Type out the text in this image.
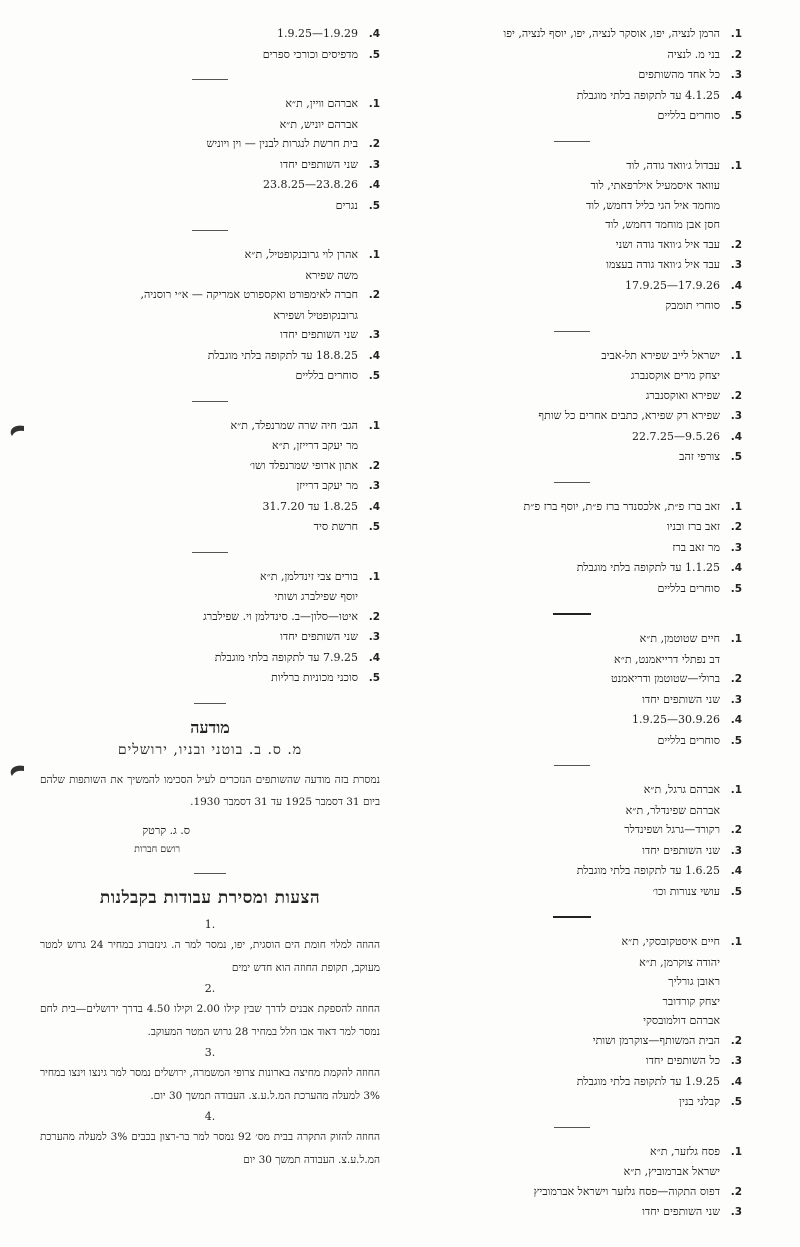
.1
הרמן לנציה, יפו, אוסקר לנציה, יפו, יוסף לנציה, יפו
.2
בני מ. לנציה
.3
כל אחד מהשותפים
.4
4.1.25 עד לתקופה בלתי מוגבלת
.5
סוחרים בלליים
.1
עבדול ג׳וואד גודה, לוד
עוואד איסמעיל אילרפאתי, לוד
מוחמד איל הגי כליל דחמש, לוד
חסן אבן מוחמד דחמש, לוד
.2
עבד איל ג׳וואד גודה ושני
.3
עבד איל ג׳וואד גודה בעצמו
.4
17.9.26—17.9.25
.5
סוחרי תומבק
.1
ישראל לייב שפירא תל-אביב
יצחק מרים אוקסנברג
.2
שפירא ואוקסנברג
.3
שפירא רק שפירא, כתבים אחרים כל שותף
.4
9.5.26—22.7.25
.5
צורפי זהב
.1
זאב ברז פ״ת, אלכסנדר ברז פ״ת, יוסף ברז פ״ת
.2
זאב ברז ובניו
.3
מר זאב ברז
.4
1.1.25 עד לתקופה בלתי מוגבלת
.5
סוחרים בלליים
.1
חיים שטוטמן, ת״א
דב נפתלי דרייאמנט, ת״א
.2
ברולי—שטוטמן ודריאמנט
.3
שני השותפים יחדו
.4
30.9.26—1.9.25
.5
סוחרים בלליים
.1
אברהם גרגל, ת״א
אברהם שפינדלר, ת״א
.2
רקורד—גרגל ושפינדלר
.3
שני השותפים יחדו
.4
1.6.25 עד לתקופה בלתי מוגבלת
.5
עושי צנורות וכו׳
.1
חיים איסטקובסקי, ת״א
יהודה צוקרמן, ת״א
ראובן גורליך
יצחק קורדובר
אברהם דולמובסקי
.2
הבית המשותף—צוקרמן ושותי
.3
כל השותפים יחדו
.4
1.9.25 עד לתקופה בלתי מוגבלת
.5
קבלני בנין
.1
פסח גלזער, ת״א
ישראל אברמוביץ, ת״א
.2
דפוס התקוה—פסח גלזער וישראל אברמוביץ
.3
שני השותפים יחדו
.4
1.9.29—1.9.25
.5
מדפיסים וכורכי ספרים
.1
אברהם וויין, ת״א
אברהם יוניש, ת״א
.2
בית חרשת לנגרות לבנין — וין ויוניש
.3
שני השותפים יחדו
.4
23.8.26—23.8.25
.5
נגרים
.1
אהרן לוי גרובנקופטיל, ת״א
משה שפירא
.2
חברה לאימפורט ואקספורט אמריקה — א״י רוסניה,
גרובנקופטיל ושפירא
.3
שני השותפים יחדו
.4
18.8.25 עד לתקופה בלתי מוגבלת
.5
סוחרים בלליים
.1
הגב׳ חיה שרה שמרנפלד, ת״א
מר יעקב דרייזן, ת״א
.2
אתון ארופי שמרנפלד ושו׳
.3
מר יעקב דרייזן
.4
1.8.25 עד 31.7.20
.5
חרשת סיד
.1
בורים צבי זינדלמן, ת״א
יוסף שפילברג ושותי
.2
איטו—סלון—ב. סינדלמן וי. שפילברג
.3
שני השותפים יחדו
.4
7.9.25 עד לתקופה בלתי מוגבלת
.5
סוכני מכוניות ברליות
מודעה
מ. ס. ב. בוטני ובניו, ירושלים
נמסרת בזה מודעה שהשותפים הנזכרים לעיל הסכימו להמשיך את השותפות שלהם ביום 31 דסמבר 1925 עד 31 דסמבר 1930.
ס. ג. קרטק
רושם חברות
הצעות ומסירת עבודות בקבלנות
.1
ההוזה למלוי חומת הים הוסגית, יפו, נמסר למר ה. גינזבורג במחיר 24 גרוש למטר מעוקב, תקופת החוזה הוא חדש ימים
.2
החוזה להספקת אבנים לדרך שבין קילו 2.00 וקילו 4.50 בדרך ירושלים—בית לחם נמסר למר דאוד אבו חלל במחיר 28 גרוש המטר המעוקב.
.3
החוזה להקמת מחיצה בארונות צרופי המשמרה, ירושלים נמסר למר גינצו וינצו במחיר 3% למעלה מהערכת המ.ל.ע.צ. העבודה תמשך 30 יום.
.4
החוזה להזוק התקרה בבית מס׳ 92 נמסר למר בר-רצון בכבים 3% למעלה מהערכת המ.ל.ע.צ. העבודה תמשך 30 יום
